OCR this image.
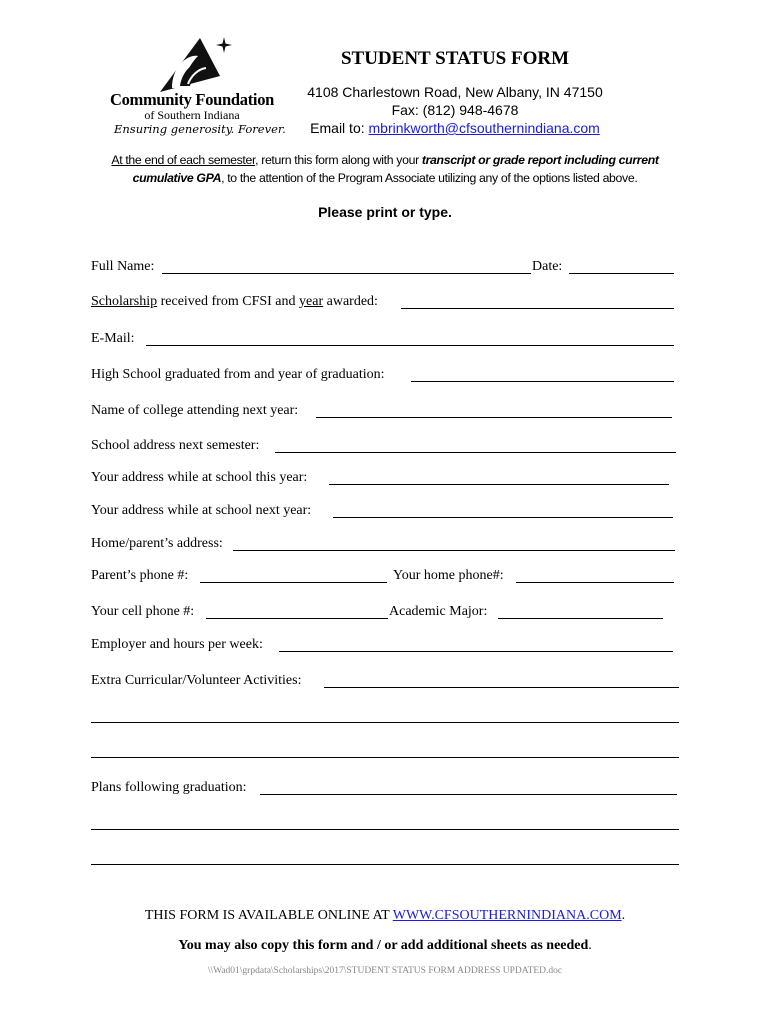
Community Foundation
of Southern Indiana
Ensuring generosity. Forever.
STUDENT STATUS FORM
4108 Charlestown Road, New Albany, IN 47150
Fax: (812) 948-4678
Email to: mbrinkworth@cfsouthernindiana.com
At the end of each semester, return this form along with your transcript or grade report including current cumulative GPA, to the attention of the Program Associate utilizing any of the options listed above.
Please print or type.
Full Name:	Date:
Scholarship received from CFSI and year awarded:
E-Mail:
High School graduated from and year of graduation:
Name of college attending next year:
School address next semester:
Your address while at school this year:
Your address while at school next year:
Home/parent’s address:
Parent’s phone #:	Your home phone#:
Your cell phone #:	Academic Major:
Employer and hours per week:
Extra Curricular/Volunteer Activities:
Plans following graduation:
THIS FORM IS AVAILABLE ONLINE AT WWW.CFSOUTHERNINDIANA.COM.
You may also copy this form and / or add additional sheets as needed.
\\Wad01\grpdata\Scholarships\2017\STUDENT STATUS FORM ADDRESS UPDATED.doc
